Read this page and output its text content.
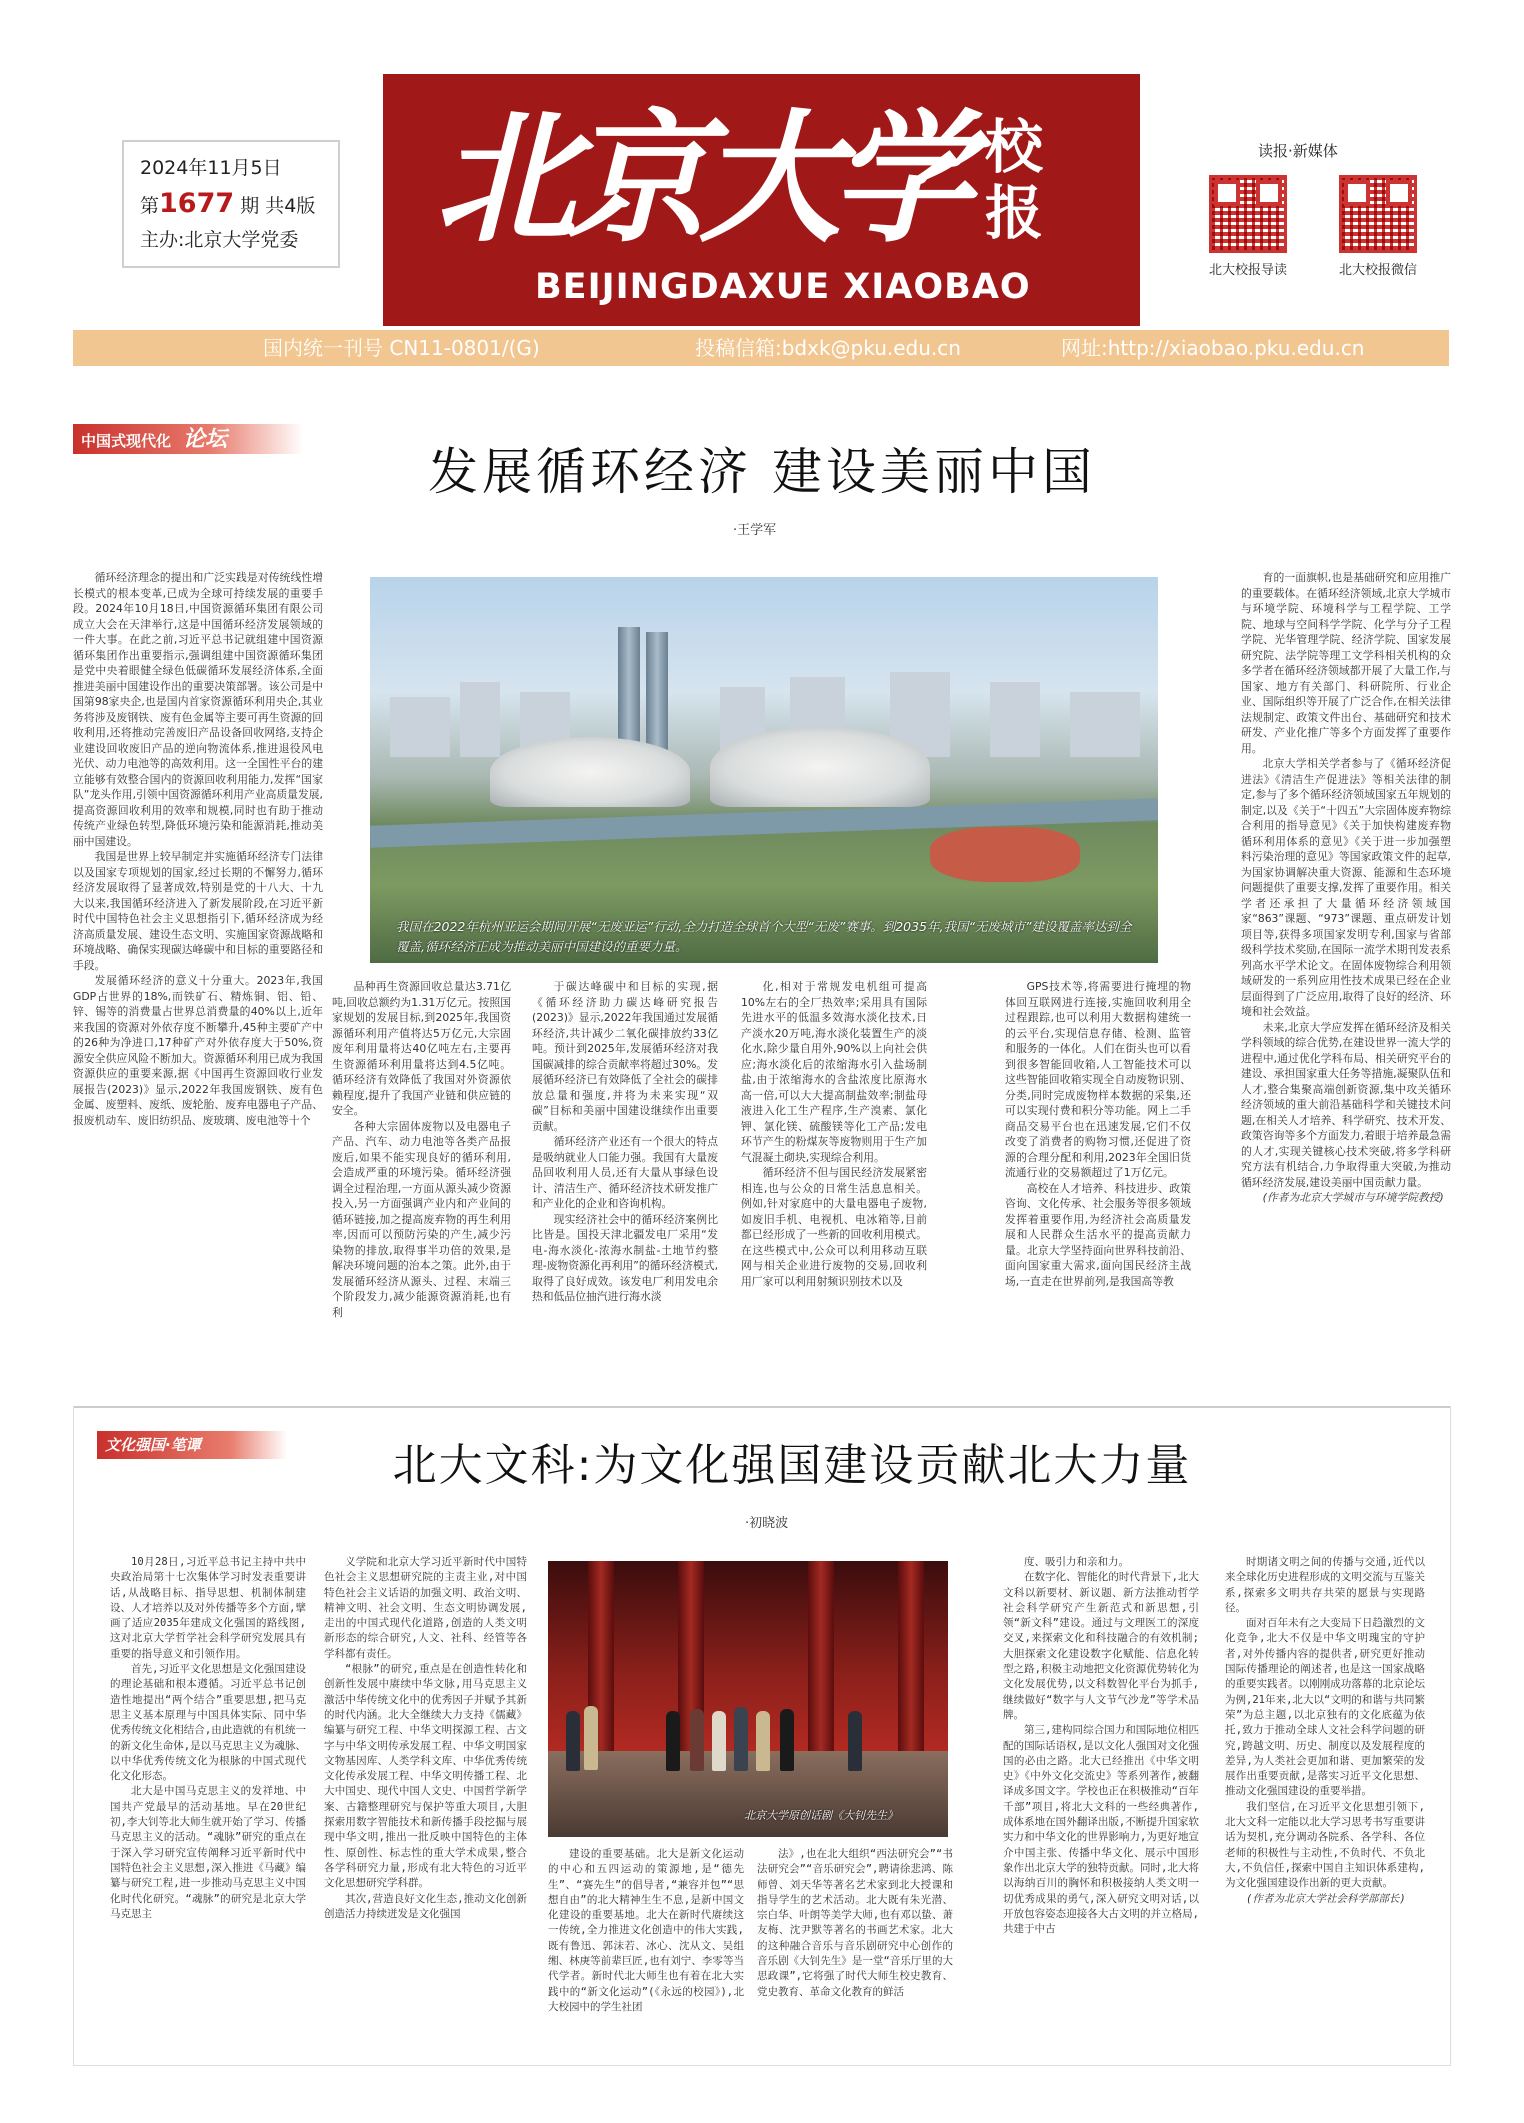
2024年11月5日
第1677 期 共4版
主办:北京大学党委 北京大学 校报
BEIJINGDAXUE XIAOBAO
读报·新媒体
北大校报导读	北大校报微信
国内统一刊号 CN11-0801/(G)	投稿信箱:bdxk@pku.edu.cn	网址:http://xiaobao.pku.edu.cn
中国式现代化 论坛
发展循环经济 建设美丽中国
·王学军

循环经济理念的提出和广泛实践是对传统线性增长模式的根本变革,已成为全球可持续发展的重要手段。2024年10月18日,中国资源循环集团有限公司成立大会在天津举行,这是中国循环经济发展领域的一件大事。在此之前,习近平总书记就组建中国资源循环集团作出重要指示,强调组建中国资源循环集团是党中央着眼健全绿色低碳循环发展经济体系,全面推进美丽中国建设作出的重要决策部署。该公司是中国第98家央企,也是国内首家资源循环利用央企,其业务将涉及废钢铁、废有色金属等主要可再生资源的回收利用,还将推动完善废旧产品设备回收网络,支持企业建设回收废旧产品的逆向物流体系,推进退役风电光伏、动力电池等的高效利用。这一全国性平台的建立能够有效整合国内的资源回收利用能力,发挥“国家队”龙头作用,引领中国资源循环利用产业高质量发展,提高资源回收利用的效率和规模,同时也有助于推动传统产业绿色转型,降低环境污染和能源消耗,推动美丽中国建设。

我国是世界上较早制定并实施循环经济专门法律以及国家专项规划的国家,经过长期的不懈努力,循环经济发展取得了显著成效,特别是党的十八大、十九大以来,我国循环经济进入了新发展阶段,在习近平新时代中国特色社会主义思想指引下,循环经济成为经济高质量发展、建设生态文明、实施国家资源战略和环境战略、确保实现碳达峰碳中和目标的重要路径和手段。

发展循环经济的意义十分重大。2023年,我国GDP占世界的18%,而铁矿石、精炼铜、铝、铅、锌、锡等的消费量占世界总消费量的40%以上,近年来我国的资源对外依存度不断攀升,45种主要矿产中的26种为净进口,17种矿产对外依存度大于50%,资源安全供应风险不断加大。资源循环利用已成为我国资源供应的重要来源,据《中国再生资源回收行业发展报告(2023)》显示,2022年我国废钢铁、废有色金属、废塑料、废纸、废轮胎、废弃电器电子产品、报废机动车、废旧纺织品、废玻璃、废电池等十个

我国在2022年杭州亚运会期间开展“无废亚运”行动,全力打造全球首个大型“无废”赛事。到2035年,我国“无废城市”建设覆盖率达到全覆盖,循环经济正成为推动美丽中国建设的重要力量。

育的一面旗帜,也是基础研究和应用推广的重要载体。在循环经济领域,北京大学城市与环境学院、环境科学与工程学院、工学院、地球与空间科学学院、化学与分子工程学院、光华管理学院、经济学院、国家发展研究院、法学院等理工文学科相关机构的众多学者在循环经济领域都开展了大量工作,与国家、地方有关部门、科研院所、行业企业、国际组织等开展了广泛合作,在相关法律法规制定、政策文件出台、基础研究和技术研发、产业化推广等多个方面发挥了重要作用。

北京大学相关学者参与了《循环经济促进法》《清洁生产促进法》等相关法律的制定,参与了多个循环经济领域国家五年规划的制定,以及《关于“十四五”大宗固体废弃物综合利用的指导意见》《关于加快构建废弃物循环利用体系的意见》《关于进一步加强塑料污染治理的意见》等国家政策文件的起草,为国家协调解决重大资源、能源和生态环境问题提供了重要支撑,发挥了重要作用。相关学者还承担了大量循环经济领域国家“863”课题、“973”课题、重点研发计划项目等,获得多项国家发明专利,国家与省部级科学技术奖励,在国际一流学术期刊发表系列高水平学术论文。在固体废物综合利用领域研发的一系列应用性技术成果已经在企业层面得到了广泛应用,取得了良好的经济、环境和社会效益。

未来,北京大学应发挥在循环经济及相关学科领域的综合优势,在建设世界一流大学的进程中,通过优化学科布局、相关研究平台的建设、承担国家重大任务等措施,凝聚队伍和人才,整合集聚高端创新资源,集中攻关循环经济领域的重大前沿基础科学和关键技术问题,在相关人才培养、科学研究、技术开发、政策咨询等多个方面发力,着眼于培养最急需的人才,实现关键核心技术突破,将多学科研究方法有机结合,力争取得重大突破,为推动循环经济发展,建设美丽中国贡献力量。

(作者为北京大学城市与环境学院教授)

品种再生资源回收总量达3.71亿吨,回收总额约为1.31万亿元。按照国家规划的发展目标,到2025年,我国资源循环利用产值将达5万亿元,大宗固废年利用量将达40亿吨左右,主要再生资源循环利用量将达到4.5亿吨。循环经济有效降低了我国对外资源依赖程度,提升了我国产业链和供应链的安全。

各种大宗固体废物以及电器电子产品、汽车、动力电池等各类产品报废后,如果不能实现良好的循环利用,会造成严重的环境污染。循环经济强调全过程治理,一方面从源头减少资源投入,另一方面强调产业内和产业间的循环链接,加之提高废弃物的再生利用率,因而可以预防污染的产生,减少污染物的排放,取得事半功倍的效果,是解决环境问题的治本之策。此外,由于发展循环经济从源头、过程、末端三个阶段发力,减少能源资源消耗,也有利

于碳达峰碳中和目标的实现,据《循环经济助力碳达峰研究报告(2023)》显示,2022年我国通过发展循环经济,共计减少二氧化碳排放约33亿吨。预计到2025年,发展循环经济对我国碳减排的综合贡献率将超过30%。发展循环经济已有效降低了全社会的碳排放总量和强度,并将为未来实现“双碳”目标和美丽中国建设继续作出重要贡献。

循环经济产业还有一个很大的特点是吸纳就业人口能力强。我国有大量废品回收利用人员,还有大量从事绿色设计、清洁生产、循环经济技术研发推广和产业化的企业和咨询机构。

现实经济社会中的循环经济案例比比皆是。国投天津北疆发电厂采用“发电-海水淡化-浓海水制盐-土地节约整理-废物资源化再利用”的循环经济模式,取得了良好成效。该发电厂利用发电余热和低品位抽汽进行海水淡

化,相对于常规发电机组可提高10%左右的全厂热效率;采用具有国际先进水平的低温多效海水淡化技术,日产淡水20万吨,海水淡化装置生产的淡化水,除少量自用外,90%以上向社会供应;海水淡化后的浓缩海水引入盐场制盐,由于浓缩海水的含盐浓度比原海水高一倍,可以大大提高制盐效率;制盐母液进入化工生产程序,生产溴素、氯化钾、氯化镁、硫酸镁等化工产品;发电环节产生的粉煤灰等废物则用于生产加气混凝土砌块,实现综合利用。

循环经济不但与国民经济发展紧密相连,也与公众的日常生活息息相关。例如,针对家庭中的大量电器电子废物,如废旧手机、电视机、电冰箱等,目前都已经形成了一些新的回收利用模式。在这些模式中,公众可以利用移动互联网与相关企业进行废物的交易,回收利用厂家可以利用射频识别技术以及

GPS技术等,将需要进行掩埋的物体回互联网进行连接,实施回收利用全过程跟踪,也可以利用大数据构建统一的云平台,实现信息存储、检测、监管和服务的一体化。人们在街头也可以看到很多智能回收箱,人工智能技术可以这些智能回收箱实现全自动废物识别、分类,同时完成废物样本数据的采集,还可以实现付费和积分等功能。网上二手商品交易平台也在迅速发展,它们不仅改变了消费者的购物习惯,还促进了资源的合理分配和利用,2023年全国旧货流通行业的交易额超过了1万亿元。

高校在人才培养、科技进步、政策咨询、文化传承、社会服务等很多领域发挥着重要作用,为经济社会高质量发展和人民群众生活水平的提高贡献力量。北京大学坚持面向世界科技前沿、面向国家重大需求,面向国民经济主战场,一直走在世界前列,是我国高等教

文化强国·笔谭	北大文科:为文化强国建设贡献北大力量
·初晓波

10月28日,习近平总书记主持中共中央政治局第十七次集体学习时发表重要讲话,从战略目标、指导思想、机制体制建设、人才培养以及对外传播等多个方面,擘画了适应2035年建成文化强国的路线图,这对北京大学哲学社会科学研究发展具有重要的指导意义和引领作用。

首先,习近平文化思想是文化强国建设的理论基础和根本遵循。习近平总书记创造性地提出“两个结合”重要思想,把马克思主义基本原理与中国具体实际、同中华优秀传统文化相结合,由此造就的有机统一的新文化生命体,是以马克思主义为魂脉、以中华优秀传统文化为根脉的中国式现代化文化形态。

北大是中国马克思主义的发祥地、中国共产党最早的活动基地。早在20世纪初,李大钊等北大师生就开始了学习、传播马克思主义的活动。“魂脉”研究的重点在于深入学习研究宣传阐释习近平新时代中国特色社会主义思想,深入推进《马藏》编纂与研究工程,进一步推动马克思主义中国化时代化研究。“魂脉”的研究是北京大学马克思主

义学院和北京大学习近平新时代中国特色社会主义思想研究院的主责主业,对中国特色社会主义话语的加强文明、政治文明、精神文明、社会文明、生态文明协调发展,走出的中国式现代化道路,创造的人类文明新形态的综合研究,人文、社科、经管等各学科都有责任。

“根脉”的研究,重点是在创造性转化和创新性发展中赓续中华文脉,用马克思主义激活中华传统文化中的优秀因子并赋予其新的时代内涵。北大全继续大力支持《儒藏》编纂与研究工程、中华文明探源工程、古文字与中华文明传承发展工程、中华文明国家文物基因库、人类学科文库、中华优秀传统文化传承发展工程、中华文明传播工程、北大中国史、现代中国人文史、中国哲学新学案、古籍整理研究与保护等重大项目,大胆探索用数字智能技术和新传播手段挖掘与展现中华文明,推出一批反映中国特色的主体性、原创性、标志性的重大学术成果,整合各学科研究力量,形成有北大特色的习近平文化思想研究学科群。

其次,营造良好文化生态,推动文化创新创造活力持续迸发是文化强国

北京大学原创话剧《大钊先生》

建设的重要基础。北大是新文化运动的中心和五四运动的策源地,是“德先生”、“赛先生”的倡导者,“兼容并包”“思想自由”的北大精神生生不息,是新中国文化建设的重要基地。北大在新时代赓续这一传统,全力推进文化创造中的伟大实践,既有鲁迅、郭沫若、冰心、沈从文、吴组缃、林庚等前辈巨匠,也有刘宁、李零等当代学者。新时代北大师生也有着在北大实践中的“新文化运动”(《永远的校园》),北大校园中的学生社团

法》,也在北大组织“西法研究会”“书法研究会”“音乐研究会”,聘请徐悲鸿、陈师曾、刘天华等著名艺术家到北大授课和指导学生的艺术活动。北大既有朱光潜、宗白华、叶朗等美学大师,也有邓以蛰、萧友梅、沈尹默等著名的书画艺术家。北大的这种融合音乐与音乐剧研究中心创作的音乐剧《大钊先生》是一堂“音乐厅里的大思政课”,它将强了时代大师生校史教育、党史教育、革命文化教育的鲜活

度、吸引力和亲和力。

在数字化、智能化的时代背景下,北大文科以新要材、新议题、新方法推动哲学社会科学研究产生新范式和新思想,引领“新文科”建设。通过与文理医工的深度交叉,来探索文化和科技融合的有效机制;大胆探索文化建设数字化赋能、信息化转型之路,积极主动地把文化资源优势转化为文化发展优势,以文科数智化平台为抓手,继续做好“数字与人文节气沙龙”等学术品牌。

第三,建构同综合国力和国际地位相匹配的国际话语权,是以文化人强国对文化强国的必由之路。北大已经推出《中华文明史》《中外文化交流史》等系列著作,被翻译成多国文字。学校也正在积极推动“百年千部”项目,将北大文科的一些经典著作,成体系地在国外翻译出版,不断提升国家软实力和中华文化的世界影响力,为更好地宣介中国主张、传播中华文化、展示中国形象作出北京大学的独特贡献。同时,北大将以海纳百川的胸怀和积极接纳人类文明一切优秀成果的勇气,深入研究文明对话,以开放包容姿态迎接各大古文明的并立格局,共建于中古

时期诸文明之间的传播与交通,近代以来全球化历史进程形成的文明交流与互鉴关系,探索多文明共存共荣的愿景与实现路径。

面对百年未有之大变局下日趋激烈的文化竞争,北大不仅是中华文明瑰宝的守护者,对外传播内容的提供者,研究更好推动国际传播理论的阐述者,也是这一国家战略的重要实践者。以刚刚成功落幕的北京论坛为例,21年来,北大以“文明的和谐与共同繁荣”为总主题,以北京独有的文化底蕴为依托,致力于推动全球人文社会科学问题的研究,跨越文明、历史、制度以及发展程度的差异,为人类社会更加和谐、更加繁荣的发展作出重要贡献,是落实习近平文化思想、推动文化强国建设的重要举措。

我们坚信,在习近平文化思想引领下,北大文科一定能以北大学习思考书写重要讲话为契机,充分调动各院系、各学科、各位老师的积极性与主动性,不负时代、不负北大,不负信任,探索中国自主知识体系建构,为文化强国建设作出新的更大贡献。

(作者为北京大学社会科学部部长)
